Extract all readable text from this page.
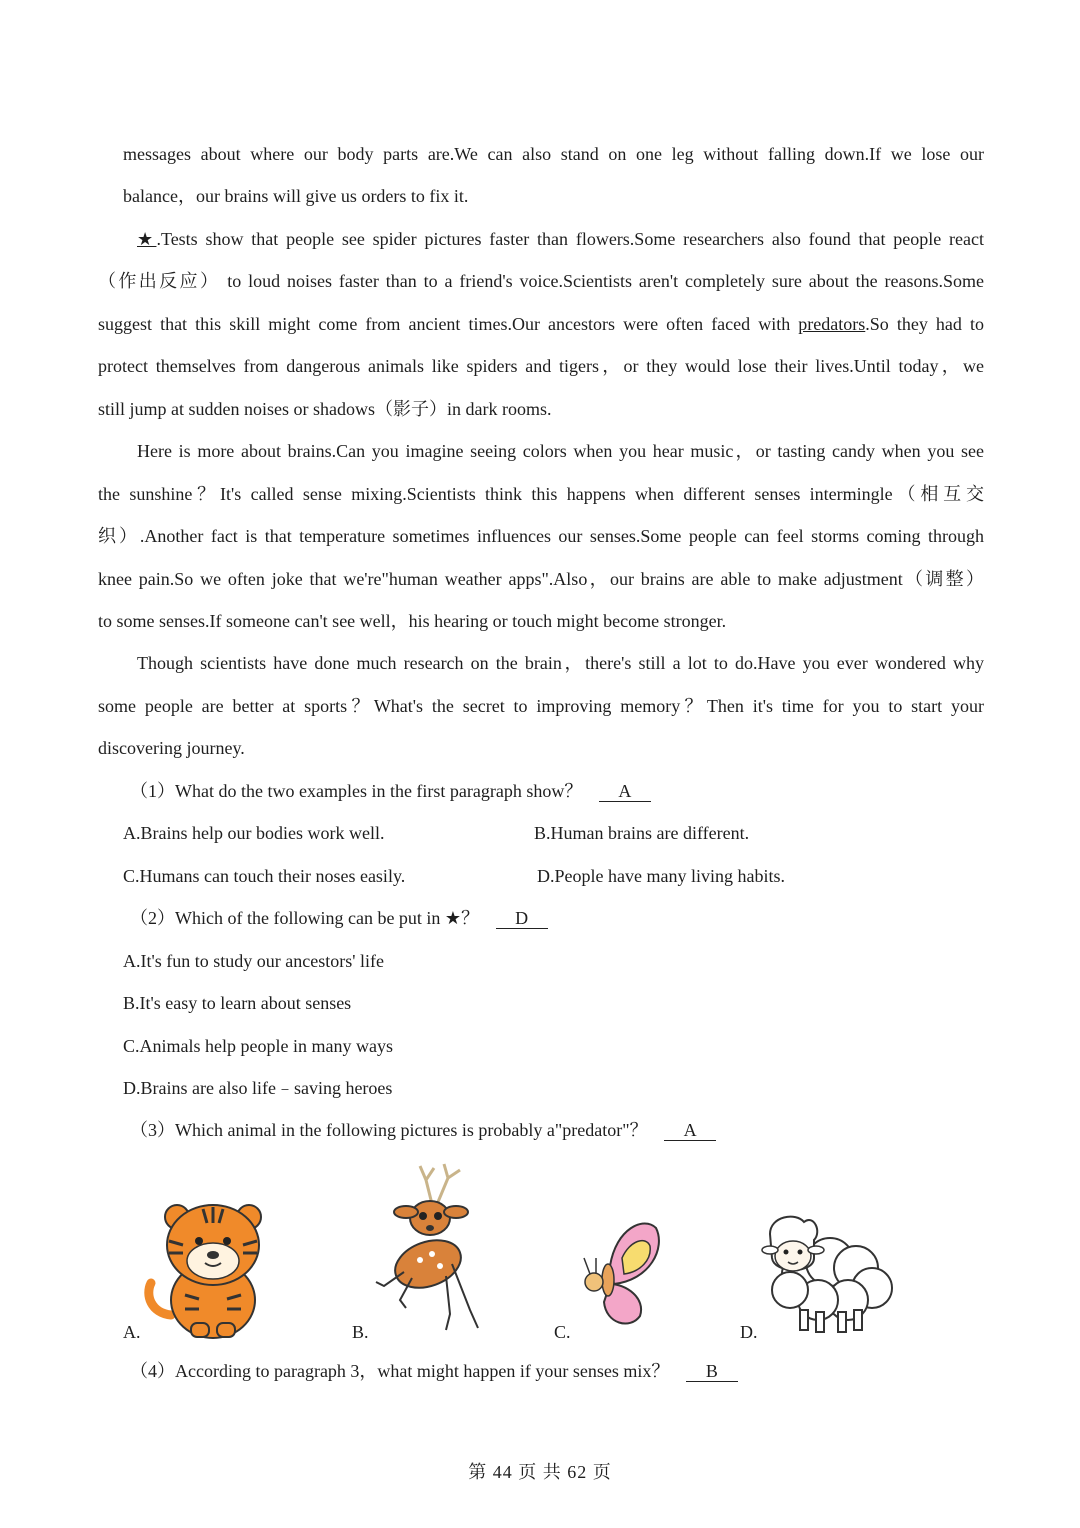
messages about where our body parts are.We can also stand on one leg without falling down.If we lose our
balance，our brains will give us orders to fix it.
★.Tests show that people see spider pictures faster than flowers.Some researchers also found that people react
（作出反应） to loud noises faster than to a friend's voice.Scientists aren't completely sure about the reasons.Some
suggest that this skill might come from ancient times.Our ancestors were often faced with predators.So they had to
protect themselves from dangerous animals like spiders and tigers，or they would lose their lives.Until today，we
still jump at sudden noises or shadows（影子）in dark rooms.
Here is more about brains.Can you imagine seeing colors when you hear music，or tasting candy when you see
the sunshine？It's called sense mixing.Scientists think this happens when different senses intermingle（相互交
织）.Another fact is that temperature sometimes influences our senses.Some people can feel storms coming through
knee pain.So we often joke that we're"human weather apps".Also，our brains are able to make adjustment（调整）
to some senses.If someone can't see well，his hearing or touch might become stronger.
Though scientists have done much research on the brain，there's still a lot to do.Have you ever wondered why
some people are better at sports？What's the secret to improving memory？Then it's time for you to start your
discovering journey.
（1）What do the two examples in the first paragraph show？ A
A.Brains help our bodies work well.	B.Human brains are different.
C.Humans can touch their noses easily.	D.People have many living habits.
（2）Which of the following can be put in ★？ D
A.It's fun to study our ancestors' life
B.It's easy to learn about senses
C.Animals help people in many ways
D.Brains are also life﹣saving heroes
（3）Which animal in the following pictures is probably a"predator"？ A
A.	B.	C.	D.
（4）According to paragraph 3，what might happen if your senses mix？ B
第 44 页 共 62 页
